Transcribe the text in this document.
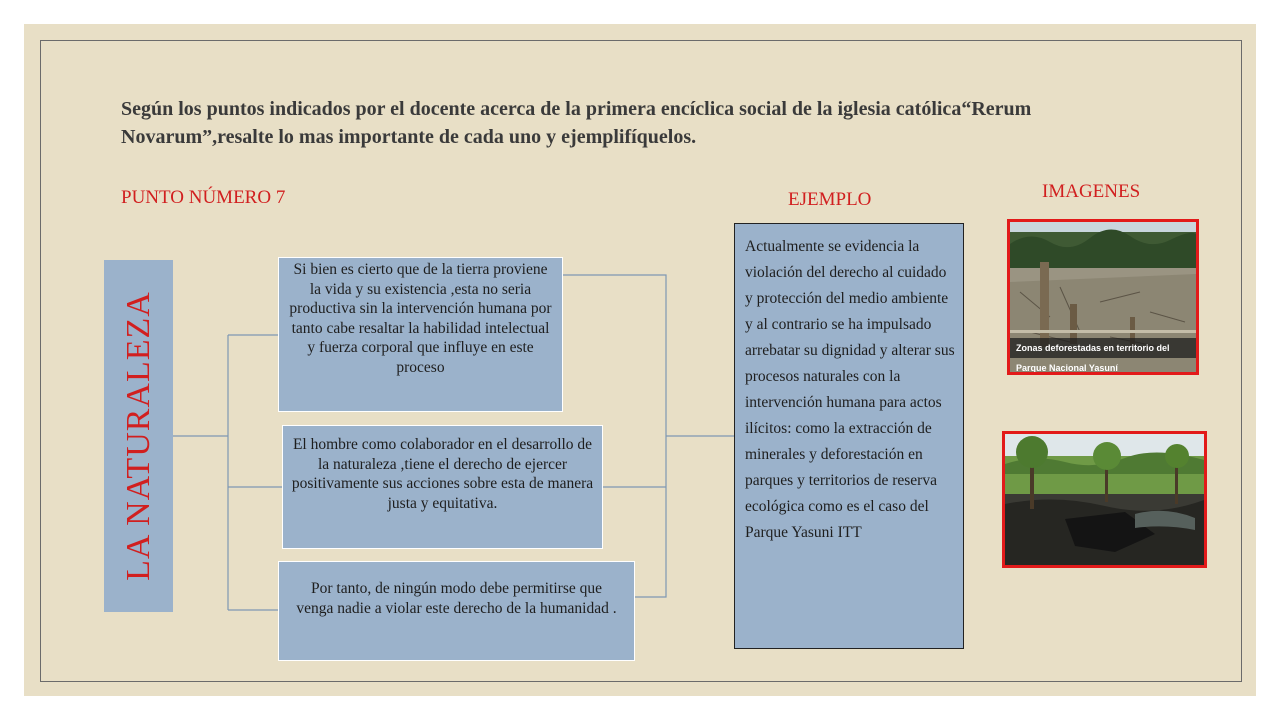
Según los puntos indicados por el docente acerca de la primera encíclica social de la iglesia católica“Rerum Novarum”,resalte lo mas importante de cada uno y ejemplifíquelos.
PUNTO NÚMERO 7	EJEMPLO	IMAGENES
LA NATURALEZA
Si bien es cierto que de la tierra proviene la vida y su existencia ,esta no seria productiva sin la intervención humana por tanto cabe resaltar la habilidad intelectual y fuerza corporal que influye en este proceso
El hombre como colaborador en el desarrollo de la naturaleza ,tiene el derecho de ejercer positivamente sus acciones sobre esta de manera justa y equitativa.
Por tanto, de ningún modo debe permitirse que venga nadie a violar este derecho de la humanidad .
Actualmente se evidencia la violación del derecho al cuidado y protección del medio ambiente y al contrario se ha impulsado arrebatar su dignidad y alterar sus procesos naturales con la intervención humana para actos ilícitos: como la extracción de minerales y deforestación en parques y territorios de reserva ecológica como es el caso del Parque Yasuni ITT
Zonas deforestadas en territorio del Parque Nacional Yasuní
